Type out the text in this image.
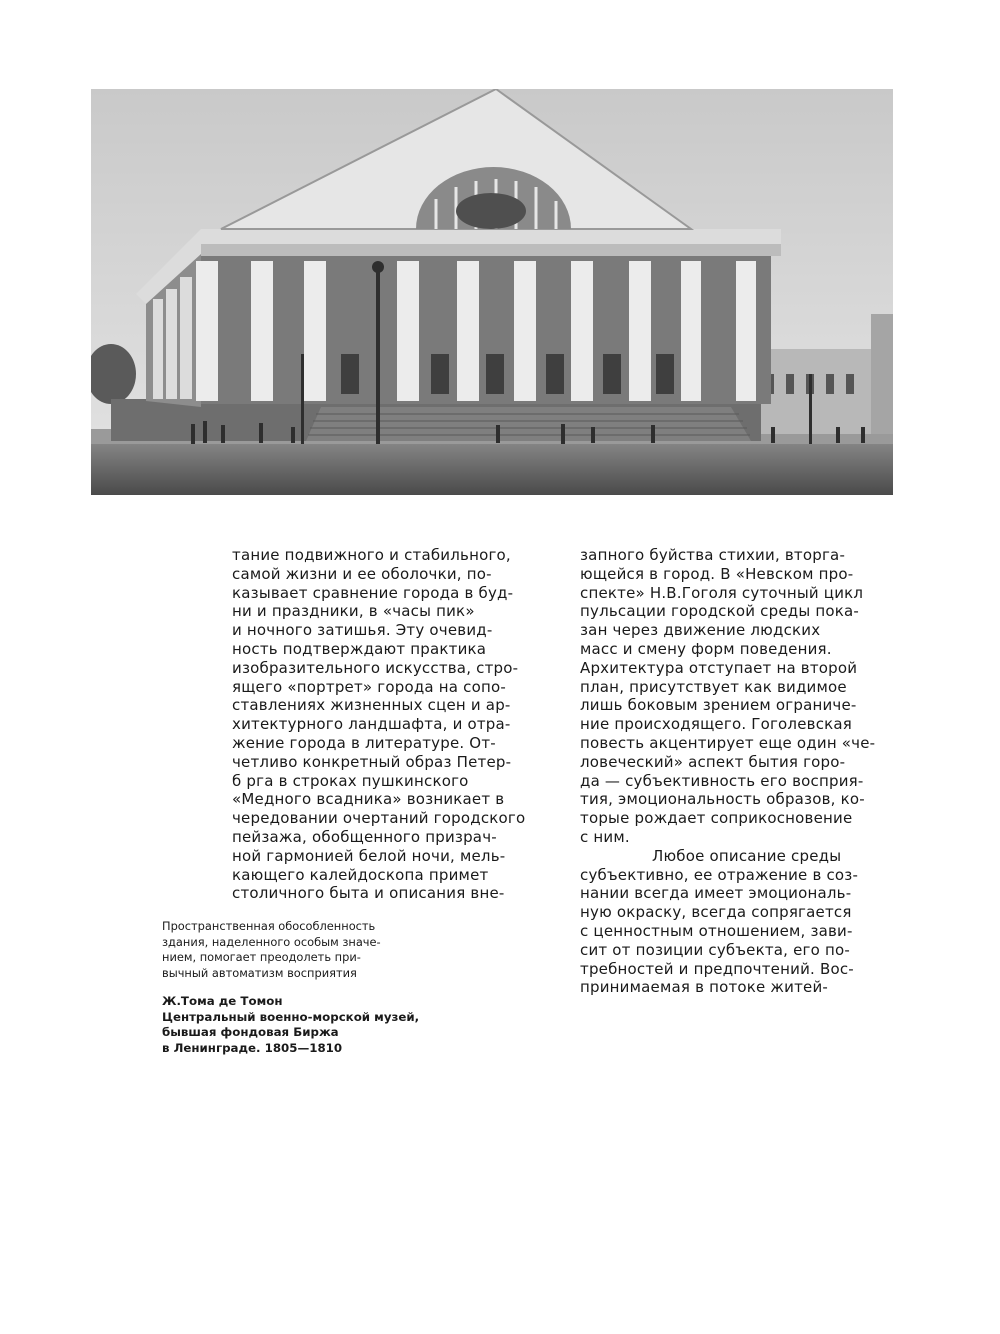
тание подвижного и стабильного,
самой жизни и ее оболочки, по-
казывает сравнение города в буд-
ни и праздники, в «часы пик»
и ночного затишья. Эту очевид-
ность подтверждают практика
изобразительного искусства, стро-
ящего «портрет» города на сопо-
ставлениях жизненных сцен и ар-
хитектурного ландшафта, и отра-
жение города в литературе. От-
четливо конкретный образ Петер-
б рга в строках пушкинского
«Медного всадника» возникает в
чередовании очертаний городского
пейзажа, обобщенного призрач-
ной гармонией белой ночи, мель-
кающего калейдоскопа примет
столичного быта и описания вне-
запного буйства стихии, вторга-
ющейся в город. В «Невском про-
спекте» Н.В.Гоголя суточный цикл
пульсации городской среды пока-
зан через движение людских
масс и смену форм поведения.
Архитектура отступает на второй
план, присутствует как видимое
лишь боковым зрением ограниче-
ние происходящего. Гоголевская
повесть акцентирует еще один «че-
ловеческий» аспект бытия горо-
да — субъективность его восприя-
тия, эмоциональность образов, ко-
торые рождает соприкосновение
с ним.
Любое описание среды
субъективно, ее отражение в соз-
нании всегда имеет эмоциональ-
ную окраску, всегда сопрягается
с ценностным отношением, зави-
сит от позиции субъекта, его по-
требностей и предпочтений. Вос-
принимаемая в потоке житей-
Пространственная обособленность
здания, наделенного особым значе-
нием, помогает преодолеть при-
вычный автоматизм восприятия
Ж.Тома де Томон
Центральный военно-морской музей,
бывшая фондовая Биржа
в Ленинграде. 1805—1810
